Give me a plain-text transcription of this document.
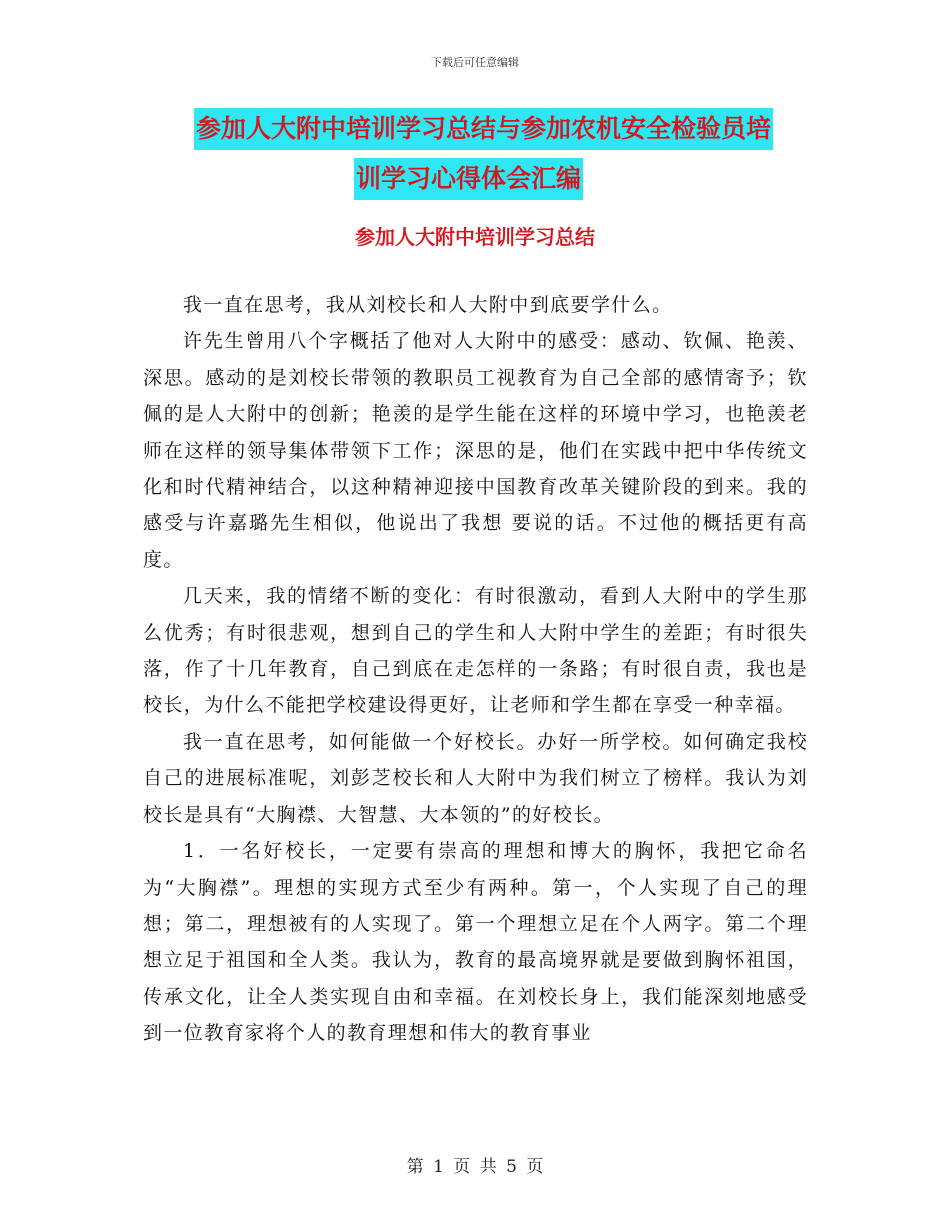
下载后可任意编辑
参加人大附中培训学习总结与参加农机安全检验员培
训学习心得体会汇编
参加人大附中培训学习总结

我一直在思考，我从刘校长和人大附中到底要学什么。

许先生曾用八个字概括了他对人大附中的感受：感动、钦佩、艳羡、深思。感动的是刘校长带领的教职员工视教育为自己全部的感情寄予；钦佩的是人大附中的创新；艳羡的是学生能在这样的环境中学习，也艳羡老师在这样的领导集体带领下工作；深思的是，他们在实践中把中华传统文化和时代精神结合，以这种精神迎接中国教育改革关键阶段的到来。我的感受与许嘉璐先生相似，他说出了我想 要说的话。不过他的概括更有高度。

几天来，我的情绪不断的变化：有时很激动，看到人大附中的学生那么优秀；有时很悲观，想到自己的学生和人大附中学生的差距；有时很失落，作了十几年教育，自己到底在走怎样的一条路；有时很自责，我也是校长，为什么不能把学校建设得更好，让老师和学生都在享受一种幸福。

我一直在思考，如何能做一个好校长。办好一所学校。如何确定我校自己的进展标准呢，刘彭芝校长和人大附中为我们树立了榜样。我认为刘校长是具有“大胸襟、大智慧、大本领的”的好校长。

1．一名好校长，一定要有崇高的理想和博大的胸怀，我把它命名为“大胸襟”。理想的实现方式至少有两种。第一，个人实现了自己的理想；第二，理想被有的人实现了。第一个理想立足在个人两字。第二个理想立足于祖国和全人类。我认为，教育的最高境界就是要做到胸怀祖国，传承文化，让全人类实现自由和幸福。在刘校长身上，我们能深刻地感受到一位教育家将个人的教育理想和伟大的教育事业

第 1 页 共 5 页
